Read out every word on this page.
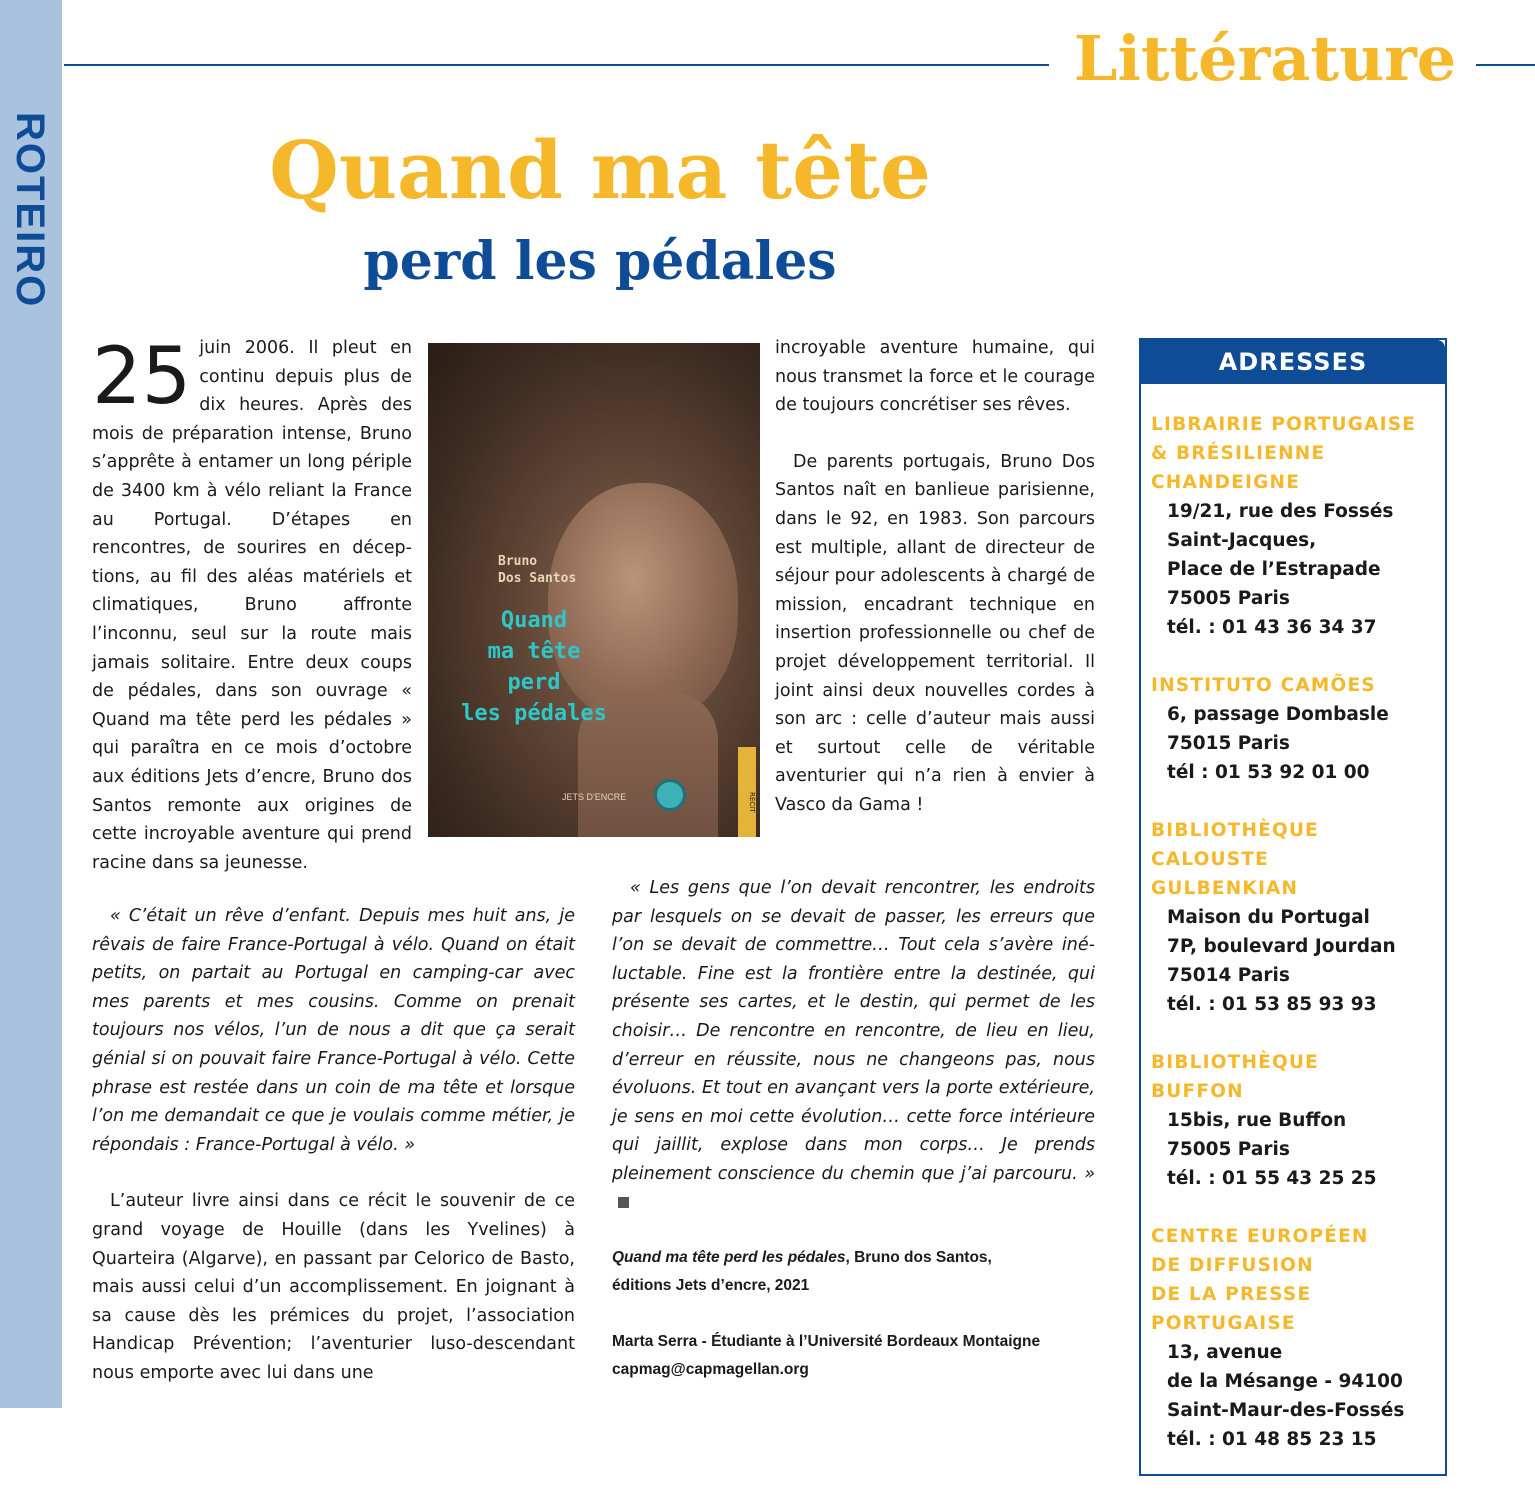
ROTEIRO
Littérature
Quand ma tête
perd les pédales

25 juin 2006. Il pleut en continu depuis plus de dix heures. Après des mois de préparation intense, Bruno s’apprête à entamer un long périple de 3400 km à vélo reliant la France au Portugal. D’étapes en rencontres, de sourires en déceptions, au fil des aléas matériels et climatiques, Bruno affronte l’inconnu, seul sur la route mais jamais solitaire. Entre deux coups de pédales, dans son ouvrage « Quand ma tête perd les pédales » qui paraîtra en ce mois d’octobre aux éditions Jets d’encre, Bruno dos Santos remonte aux origines de cette incroyable aventure qui prend racine dans sa jeunesse.

Bruno
Dos Santos
Quand
ma tête
perd
les pédales
JETS D'ENCRE	RÉCIT

incroyable aventure humaine, qui nous transmet la force et le courage de toujours concrétiser ses rêves.

De parents portugais, Bruno Dos Santos naît en banlieue parisienne, dans le 92, en 1983. Son parcours est multiple, allant de directeur de séjour pour adolescents à chargé de mission, encadrant technique en insertion professionnelle ou chef de projet développement territorial. Il joint ainsi deux nouvelles cordes à son arc : celle d’auteur mais aussi et surtout celle de véritable aventurier qui n’a rien à envier à Vasco da Gama !

« C’était un rêve d’enfant. Depuis mes huit ans, je rêvais de faire France-Portugal à vélo. Quand on était petits, on partait au Portugal en camping-car avec mes parents et mes cousins. Comme on prenait toujours nos vélos, l’un de nous a dit que ça serait génial si on pouvait faire France-Portugal à vélo. Cette phrase est restée dans un coin de ma tête et lorsque l’on me demandait ce que je voulais comme métier, je répondais : France-Portugal à vélo. »

L’auteur livre ainsi dans ce récit le souvenir de ce grand voyage de Houille (dans les Yvelines) à Quarteira (Algarve), en passant par Celorico de Basto, mais aussi celui d’un accomplissement. En joignant à sa cause dès les prémices du projet, l’association Handicap Prévention; l’aventurier luso-descendant nous emporte avec lui dans une

« Les gens que l’on devait rencontrer, les endroits par lesquels on se devait de passer, les erreurs que l’on se devait de commettre… Tout cela s’avère inéluctable. Fine est la frontière entre la destinée, qui présente ses cartes, et le destin, qui permet de les choisir… De rencontre en rencontre, de lieu en lieu, d’erreur en réussite, nous ne changeons pas, nous évoluons. Et tout en avançant vers la porte extérieure, je sens en moi cette évolution… cette force intérieure qui jaillit, explose dans mon corps… Je prends pleinement conscience du chemin que j’ai parcouru. »

Quand ma tête perd les pédales, Bruno dos Santos,
éditions Jets d’encre, 2021
Marta Serra - Étudiante à l’Université Bordeaux Montaigne
capmag@capmagellan.org
ADRESSES
LIBRAIRIE PORTUGAISE
& BRÉSILIENNE
CHANDEIGNE
19/21, rue des Fossés
Saint-Jacques,
Place de l’Estrapade
75005 Paris
tél. : 01 43 36 34 37
INSTITUTO CAMÕES
6, passage Dombasle
75015 Paris
tél : 01 53 92 01 00
BIBLIOTHÈQUE
CALOUSTE
GULBENKIAN
Maison du Portugal
7P, boulevard Jourdan
75014 Paris
tél. : 01 53 85 93 93
BIBLIOTHÈQUE
BUFFON
15bis, rue Buffon
75005 Paris
tél. : 01 55 43 25 25
CENTRE EUROPÉEN
DE DIFFUSION
DE LA PRESSE
PORTUGAISE
13, avenue
de la Mésange - 94100
Saint-Maur-des-Fossés
tél. : 01 48 85 23 15
